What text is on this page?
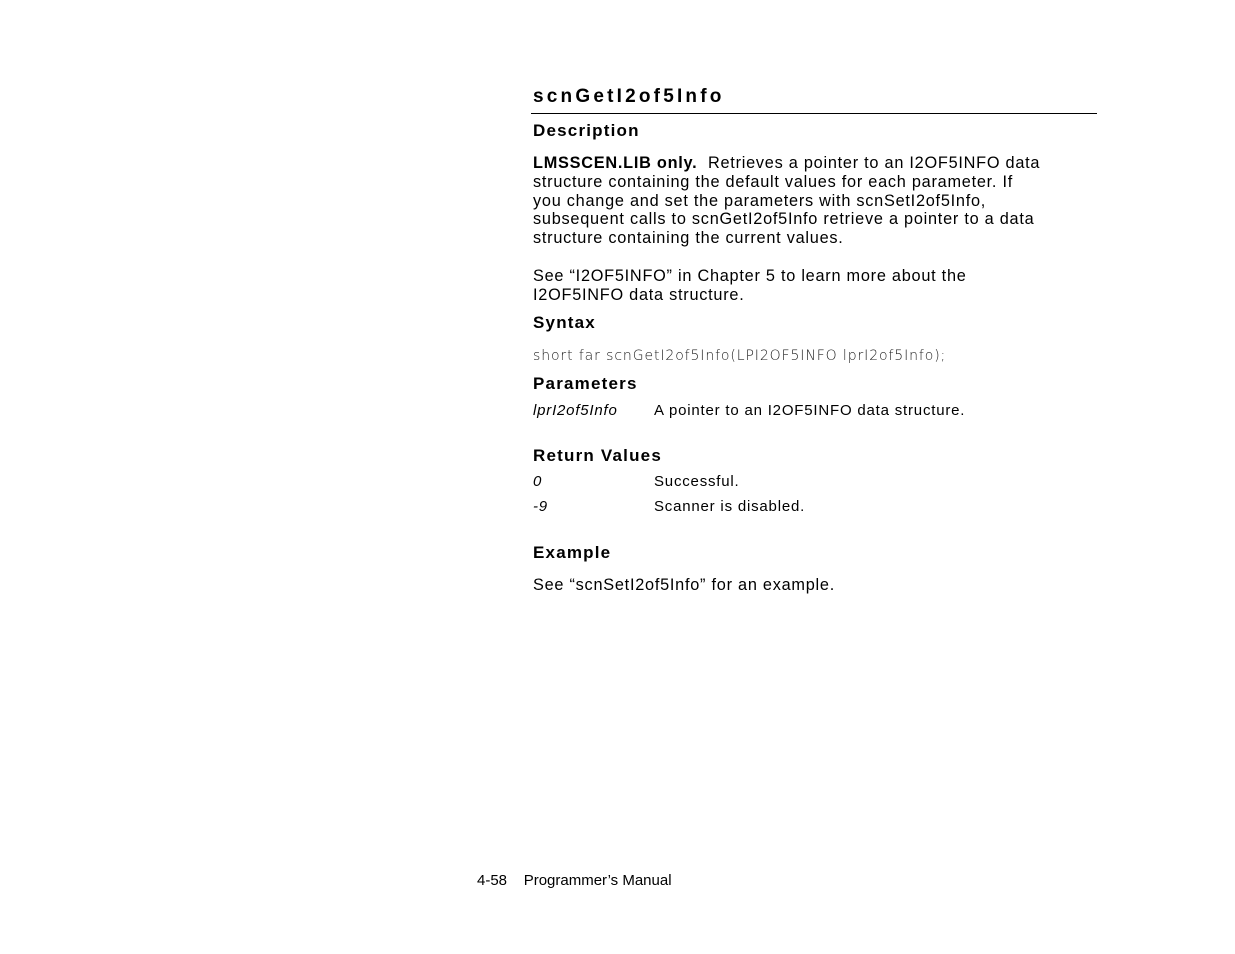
scnGetI2of5Info
Description
LMSSCEN.LIB only. Retrieves a pointer to an I2OF5INFO data
structure containing the default values for each parameter. If
you change and set the parameters with scnSetI2of5Info,
subsequent calls to scnGetI2of5Info retrieve a pointer to a data
structure containing the current values.
See “I2OF5INFO” in Chapter 5 to learn more about the
I2OF5INFO data structure.
Syntax
short far scnGetI2of5Info(LPI2OF5INFO lprI2of5Info);
Parameters
lprI2of5Info A pointer to an I2OF5INFO data structure.
Return Values
0	Successful.
-9	Scanner is disabled.
Example
See “scnSetI2of5Info” for an example.
4-58 Programmer’s Manual
